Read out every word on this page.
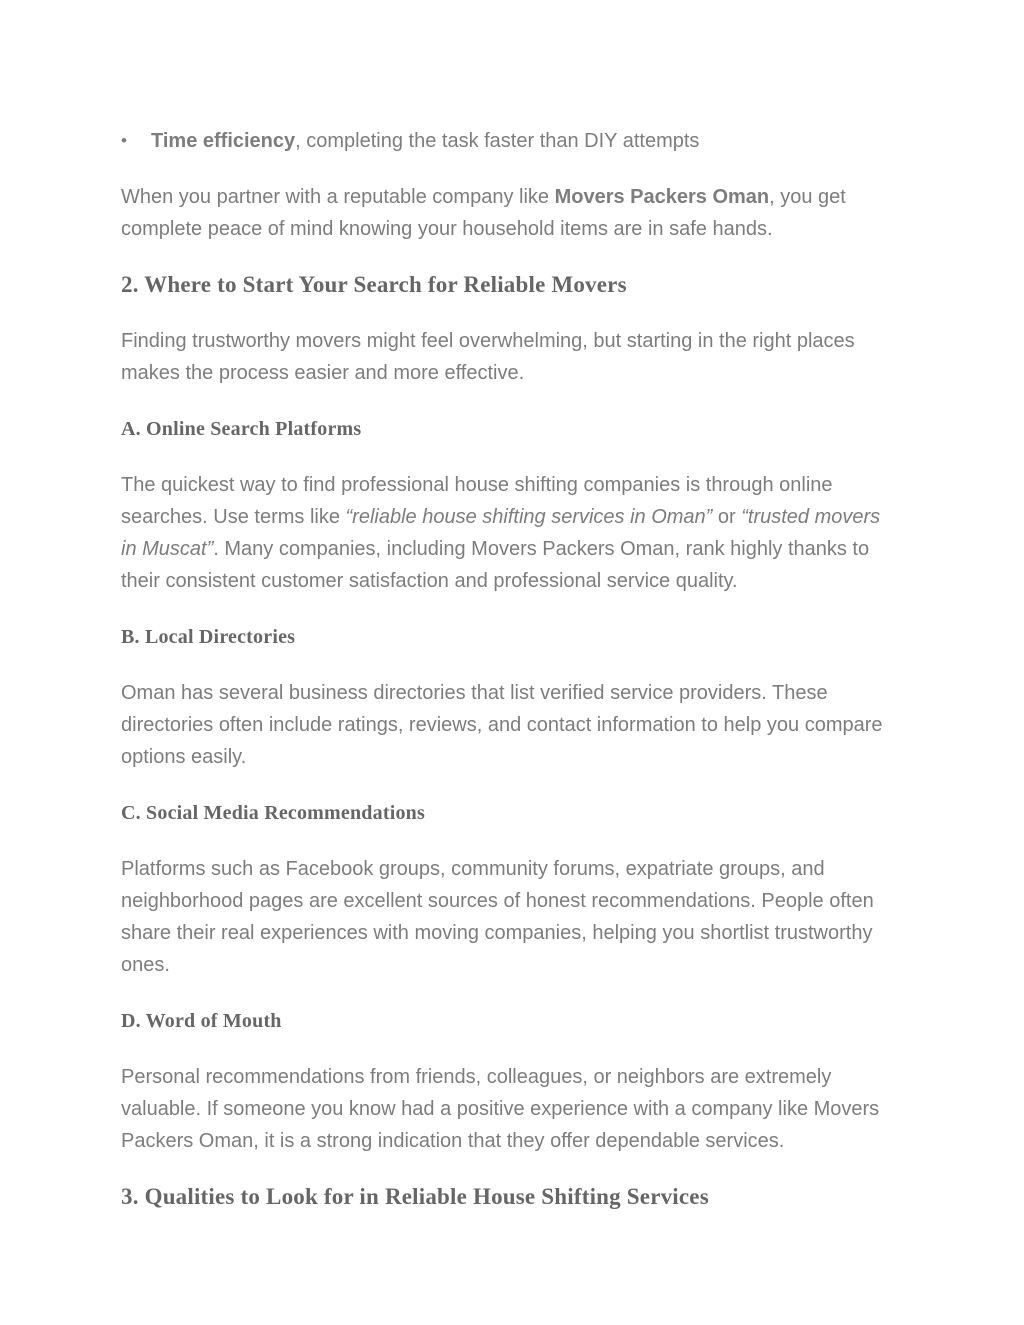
•	Time efficiency, completing the task faster than DIY attempts

When you partner with a reputable company like Movers Packers Oman, you get complete peace of mind knowing your household items are in safe hands.

2. Where to Start Your Search for Reliable Movers

Finding trustworthy movers might feel overwhelming, but starting in the right places makes the process easier and more effective.

A. Online Search Platforms

The quickest way to find professional house shifting companies is through online searches. Use terms like “reliable house shifting services in Oman” or “trusted movers in Muscat”. Many companies, including Movers Packers Oman, rank highly thanks to their consistent customer satisfaction and professional service quality.

B. Local Directories

Oman has several business directories that list verified service providers. These directories often include ratings, reviews, and contact information to help you compare options easily.

C. Social Media Recommendations

Platforms such as Facebook groups, community forums, expatriate groups, and neighborhood pages are excellent sources of honest recommendations. People often share their real experiences with moving companies, helping you shortlist trustworthy ones.

D. Word of Mouth

Personal recommendations from friends, colleagues, or neighbors are extremely valuable. If someone you know had a positive experience with a company like Movers Packers Oman, it is a strong indication that they offer dependable services.

3. Qualities to Look for in Reliable House Shifting Services
